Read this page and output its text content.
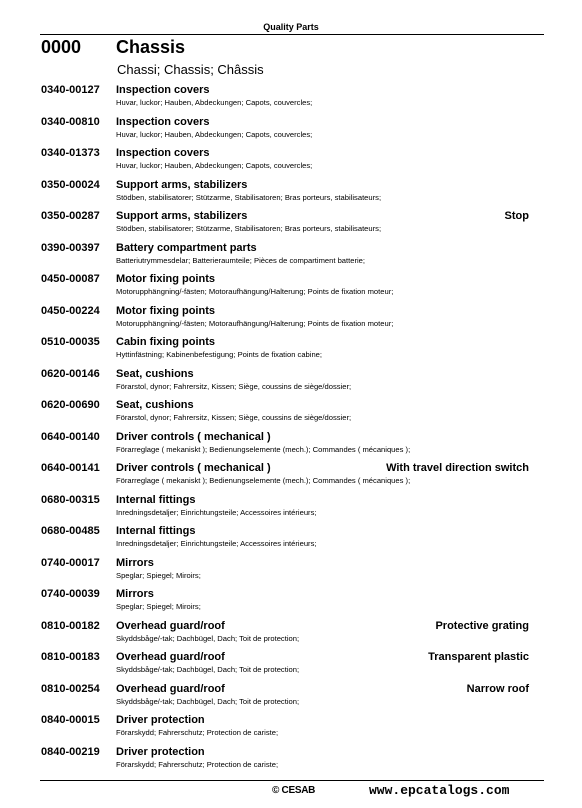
Quality Parts
0000 Chassis
Chassi; Chassis; Châssis
0340-00127 Inspection covers
Huvar, luckor; Hauben, Abdeckungen; Capots, couvercles;
0340-00810 Inspection covers
Huvar, luckor; Hauben, Abdeckungen; Capots, couvercles;
0340-01373 Inspection covers
Huvar, luckor; Hauben, Abdeckungen; Capots, couvercles;
0350-00024 Support arms, stabilizers
Stödben, stabilisatorer; Stützarme, Stabilisatoren; Bras porteurs, stabilisateurs;
0350-00287 Support arms, stabilizers	Stop
Stödben, stabilisatorer; Stützarme, Stabilisatoren; Bras porteurs, stabilisateurs;
0390-00397 Battery compartment parts
Batteriutrymmesdelar; Batterieraumteile; Pièces de compartiment batterie;
0450-00087 Motor fixing points
Motorupphängning/-fästen; Motoraufhängung/Halterung; Points de fixation moteur;
0450-00224 Motor fixing points
Motorupphängning/-fästen; Motoraufhängung/Halterung; Points de fixation moteur;
0510-00035 Cabin fixing points
Hyttinfästning; Kabinenbefestigung; Points de fixation cabine;
0620-00146 Seat, cushions
Förarstol, dynor; Fahrersitz, Kissen; Siège, coussins de siège/dossier;
0620-00690 Seat, cushions
Förarstol, dynor; Fahrersitz, Kissen; Siège, coussins de siège/dossier;
0640-00140 Driver controls ( mechanical )
Förarreglage ( mekaniskt ); Bedienungselemente (mech.); Commandes ( mécaniques );
0640-00141 Driver controls ( mechanical )	With travel direction switch
Förarreglage ( mekaniskt ); Bedienungselemente (mech.); Commandes ( mécaniques );
0680-00315 Internal fittings
Inredningsdetaljer; Einrichtungsteile; Accessoires intérieurs;
0680-00485 Internal fittings
Inredningsdetaljer; Einrichtungsteile; Accessoires intérieurs;
0740-00017 Mirrors
Speglar; Spiegel; Miroirs;
0740-00039 Mirrors
Speglar; Spiegel; Miroirs;
0810-00182 Overhead guard/roof	Protective grating
Skyddsbåge/-tak; Dachbügel, Dach; Toit de protection;
0810-00183 Overhead guard/roof	Transparent plastic
Skyddsbåge/-tak; Dachbügel, Dach; Toit de protection;
0810-00254 Overhead guard/roof	Narrow roof
Skyddsbåge/-tak; Dachbügel, Dach; Toit de protection;
0840-00015 Driver protection
Förarskydd; Fahrerschutz; Protection de cariste;
0840-00219 Driver protection
Förarskydd; Fahrerschutz; Protection de cariste;
© CESAB	www.epcatalogs.com
